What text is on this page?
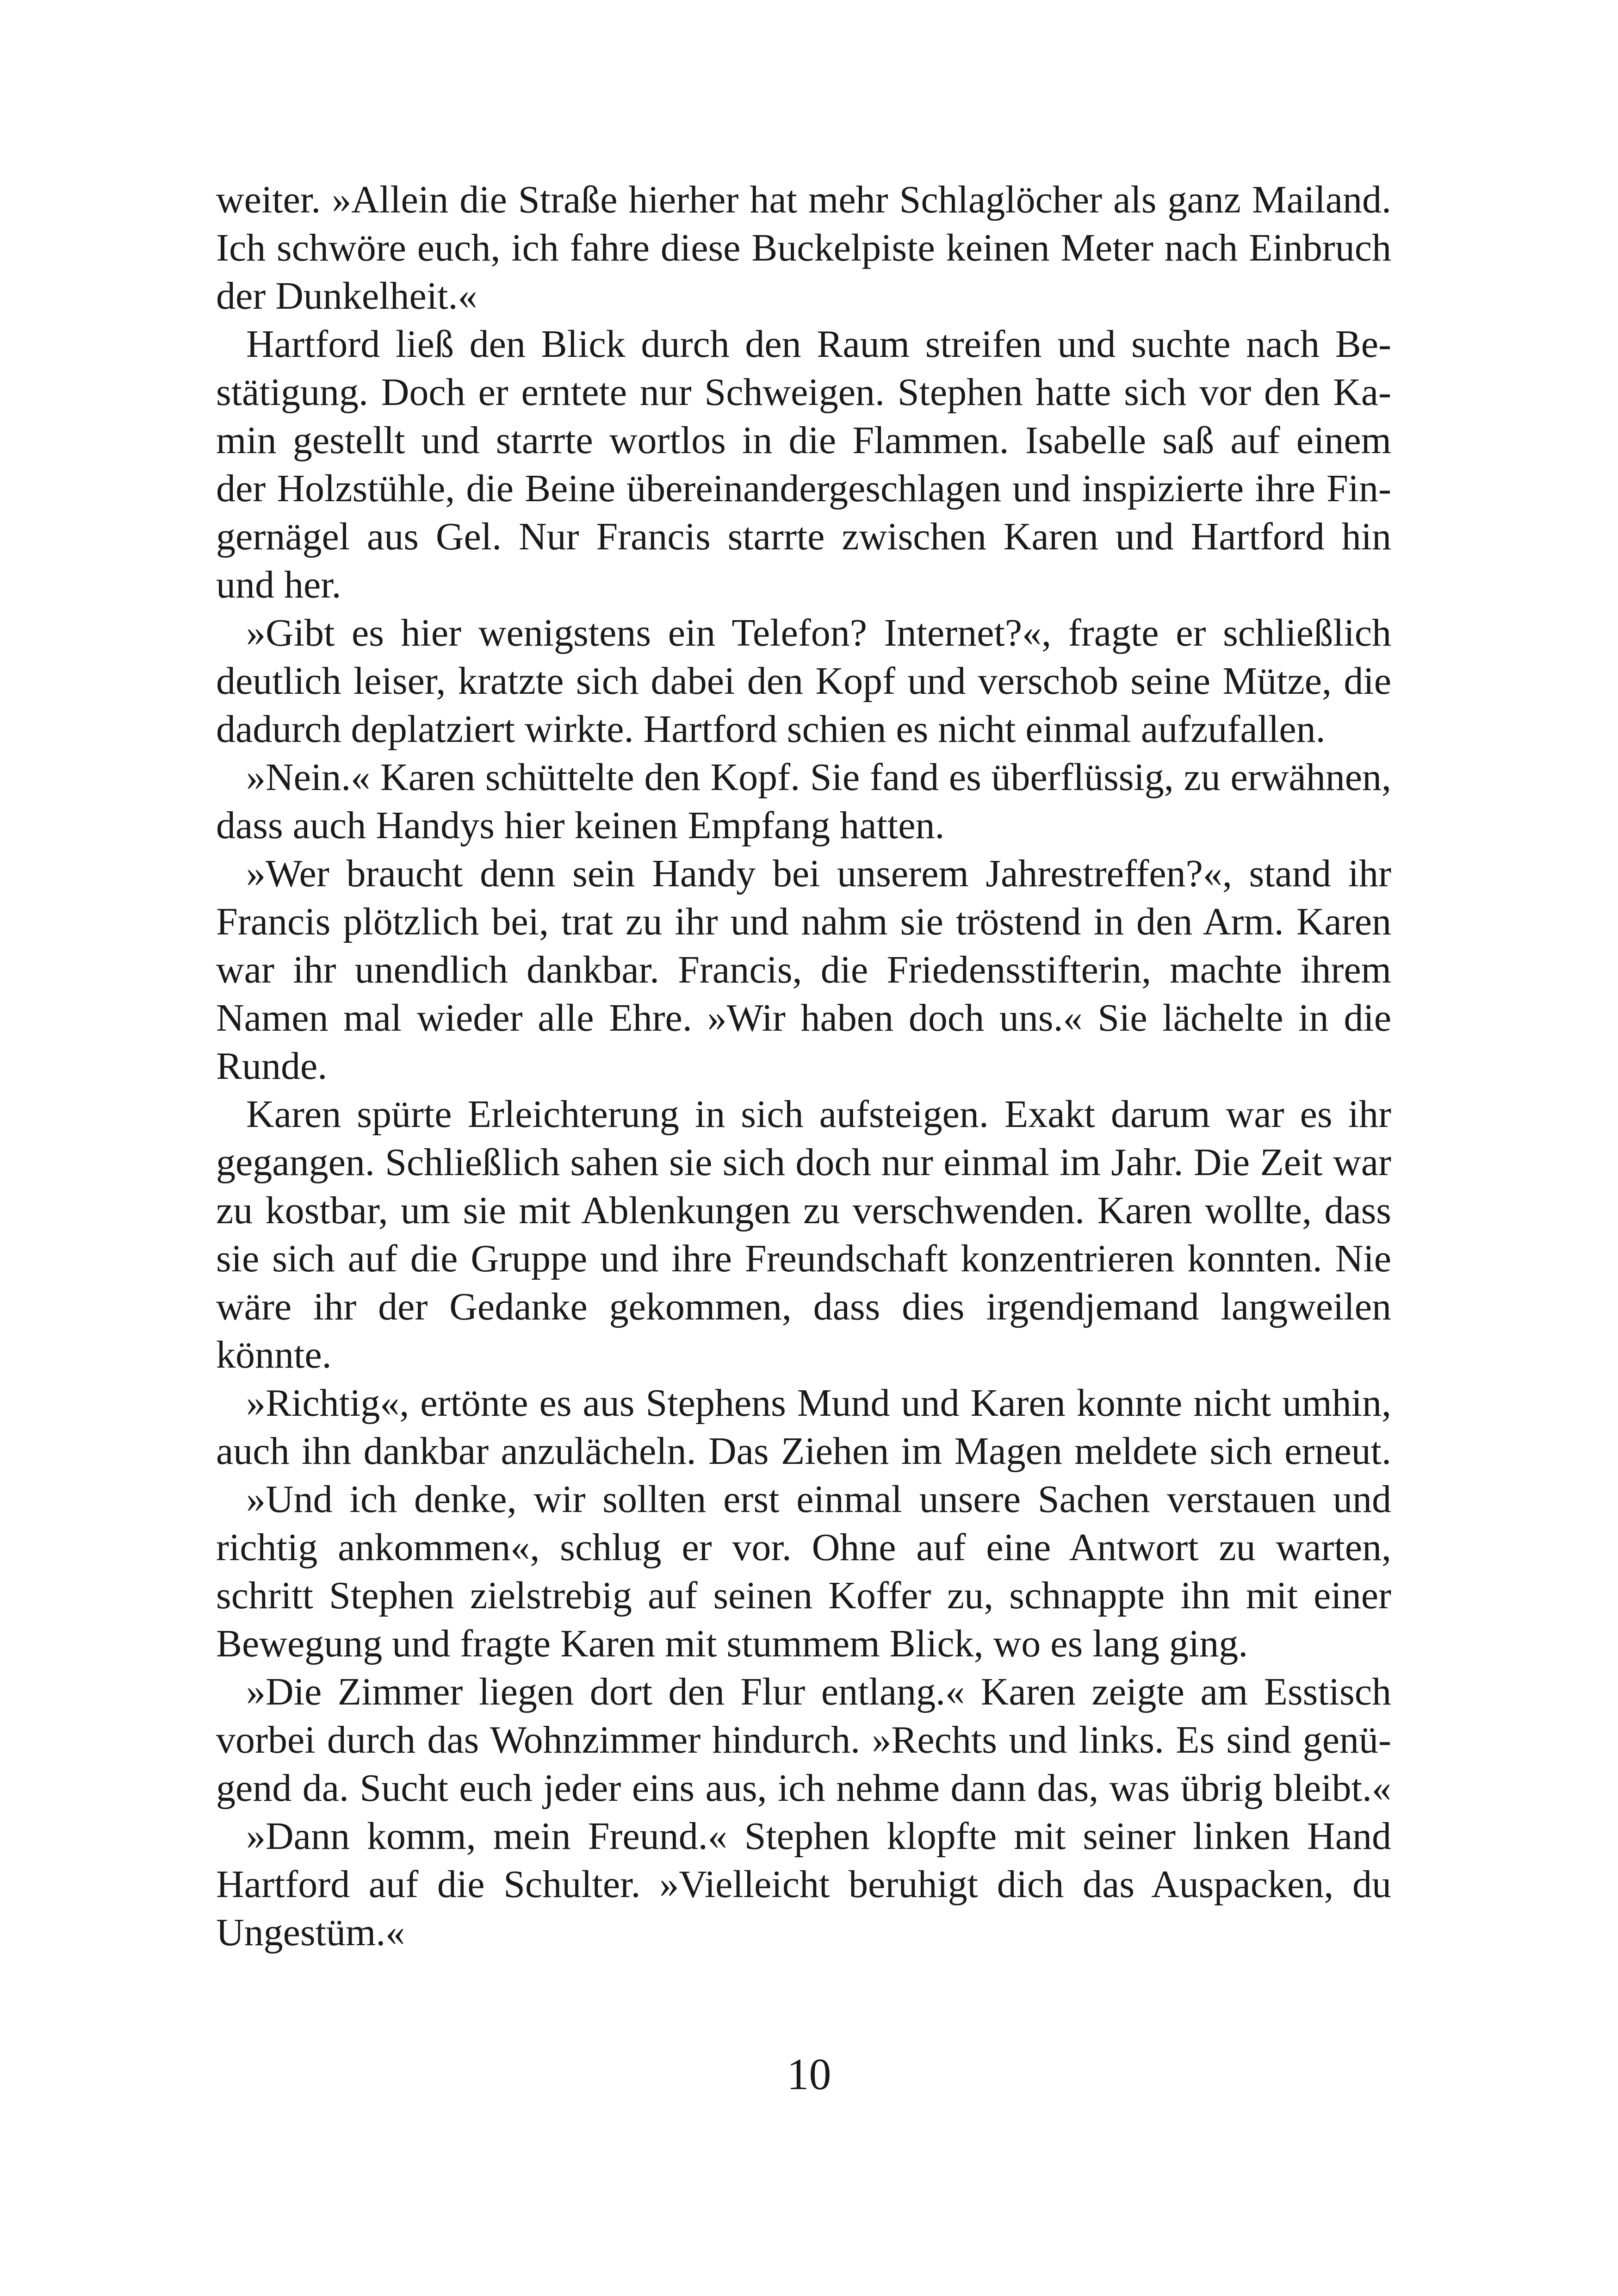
weiter. »Allein die Straße hierher hat mehr Schlaglöcher als ganz Mailand.
Ich schwöre euch, ich fahre diese Buckelpiste keinen Meter nach Einbruch
der Dunkelheit.«
Hartford ließ den Blick durch den Raum streifen und suchte nach Be-
stätigung. Doch er erntete nur Schweigen. Stephen hatte sich vor den Ka-
min gestellt und starrte wortlos in die Flammen. Isabelle saß auf einem
der Holzstühle, die Beine übereinandergeschlagen und inspizierte ihre Fin-
gernägel aus Gel. Nur Francis starrte zwischen Karen und Hartford hin
und her.
»Gibt es hier wenigstens ein Telefon? Internet?«, fragte er schließlich
deutlich leiser, kratzte sich dabei den Kopf und verschob seine Mütze, die
dadurch deplatziert wirkte. Hartford schien es nicht einmal aufzufallen.
»Nein.« Karen schüttelte den Kopf. Sie fand es überflüssig, zu erwähnen,
dass auch Handys hier keinen Empfang hatten.
»Wer braucht denn sein Handy bei unserem Jahrestreffen?«, stand ihr
Francis plötzlich bei, trat zu ihr und nahm sie tröstend in den Arm. Karen
war ihr unendlich dankbar. Francis, die Friedensstifterin, machte ihrem
Namen mal wieder alle Ehre. »Wir haben doch uns.« Sie lächelte in die
Runde.
Karen spürte Erleichterung in sich aufsteigen. Exakt darum war es ihr
gegangen. Schließlich sahen sie sich doch nur einmal im Jahr. Die Zeit war
zu kostbar, um sie mit Ablenkungen zu verschwenden. Karen wollte, dass
sie sich auf die Gruppe und ihre Freundschaft konzentrieren konnten. Nie
wäre ihr der Gedanke gekommen, dass dies irgendjemand langweilen
könnte.
»Richtig«, ertönte es aus Stephens Mund und Karen konnte nicht umhin,
auch ihn dankbar anzulächeln. Das Ziehen im Magen meldete sich erneut.
»Und ich denke, wir sollten erst einmal unsere Sachen verstauen und
richtig ankommen«, schlug er vor. Ohne auf eine Antwort zu warten,
schritt Stephen zielstrebig auf seinen Koffer zu, schnappte ihn mit einer
Bewegung und fragte Karen mit stummem Blick, wo es lang ging.
»Die Zimmer liegen dort den Flur entlang.« Karen zeigte am Esstisch
vorbei durch das Wohnzimmer hindurch. »Rechts und links. Es sind genü-
gend da. Sucht euch jeder eins aus, ich nehme dann das, was übrig bleibt.«
»Dann komm, mein Freund.« Stephen klopfte mit seiner linken Hand
Hartford auf die Schulter. »Vielleicht beruhigt dich das Auspacken, du
Ungestüm.«
10
